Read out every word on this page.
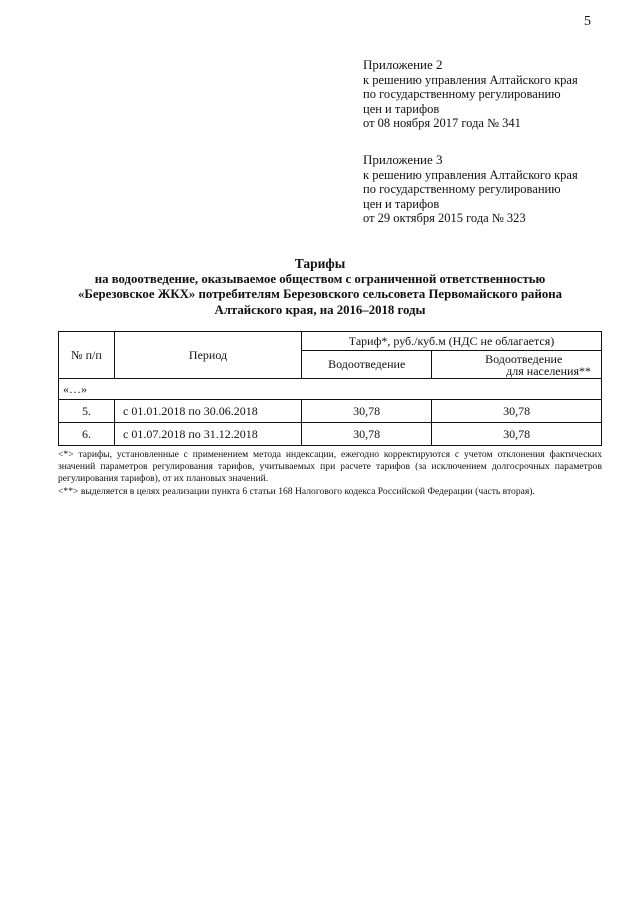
5
Приложение 2
к решению управления Алтайского края
по государственному регулированию
цен и тарифов
от 08 ноября 2017 года № 341
Приложение 3
к решению управления Алтайского края
по государственному регулированию
цен и тарифов
от 29 октября 2015 года № 323
Тарифы
на водоотведение, оказываемое обществом с ограниченной ответственностью
«Березовское ЖКХ» потребителям Березовского сельсовета Первомайского района
Алтайского края, на 2016–2018 годы
№ п/п	Период	Тариф*, руб./куб.м (НДС не облагается)	
		Водоотведение	Водоотведение
для населения**

«…»			
5.	с 01.01.2018 по 30.06.2018	30,78	30,78
6.	с 01.07.2018 по 31.12.2018	30,78	30,78
<*> тарифы, установленные с применением метода индексации, ежегодно корректируются с учетом отклонения фактических значений параметров регулирования тарифов, учитываемых при расчете тарифов (за исключением долгосрочных параметров регулирования тарифов), от их плановых значений.
<**> выделяется в целях реализации пункта 6 статьи 168 Налогового кодекса Российской Федерации (часть вторая).
